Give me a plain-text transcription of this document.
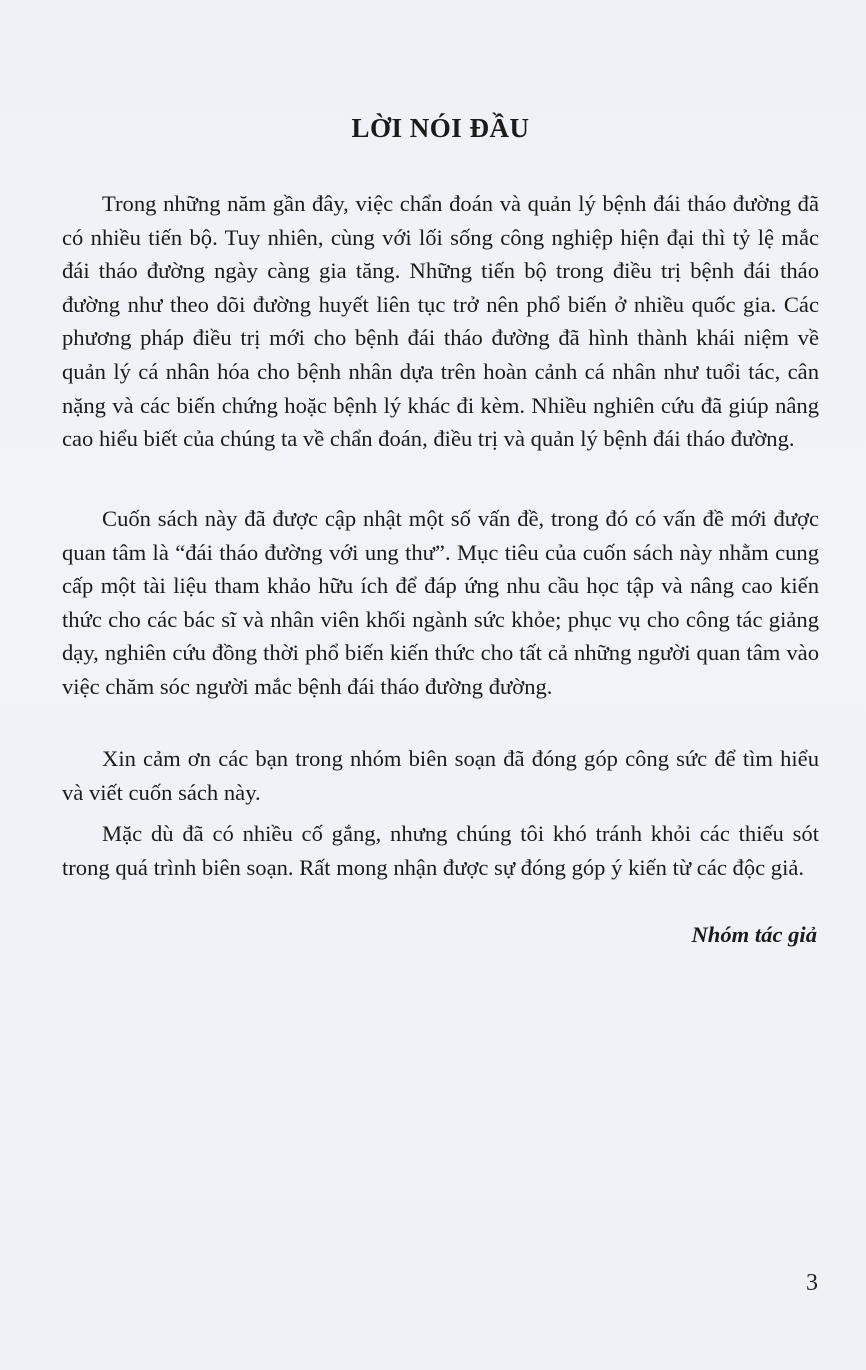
LỜI NÓI ĐẦU

Trong những năm gần đây, việc chẩn đoán và quản lý bệnh đái tháo đường đã có nhiều tiến bộ. Tuy nhiên, cùng với lối sống công nghiệp hiện đại thì tỷ lệ mắc đái tháo đường ngày càng gia tăng. Những tiến bộ trong điều trị bệnh đái tháo đường như theo dõi đường huyết liên tục trở nên phổ biến ở nhiều quốc gia. Các phương pháp điều trị mới cho bệnh đái tháo đường đã hình thành khái niệm về quản lý cá nhân hóa cho bệnh nhân dựa trên hoàn cảnh cá nhân như tuổi tác, cân nặng và các biến chứng hoặc bệnh lý khác đi kèm. Nhiều nghiên cứu đã giúp nâng cao hiểu biết của chúng ta về chẩn đoán, điều trị và quản lý bệnh đái tháo đường.

Cuốn sách này đã được cập nhật một số vấn đề, trong đó có vấn đề mới được quan tâm là “đái tháo đường với ung thư”. Mục tiêu của cuốn sách này nhằm cung cấp một tài liệu tham khảo hữu ích để đáp ứng nhu cầu học tập và nâng cao kiến thức cho các bác sĩ và nhân viên khối ngành sức khỏe; phục vụ cho công tác giảng dạy, nghiên cứu đồng thời phổ biến kiến thức cho tất cả những người quan tâm vào việc chăm sóc người mắc bệnh đái tháo đường đường.

Xin cảm ơn các bạn trong nhóm biên soạn đã đóng góp công sức để tìm hiểu và viết cuốn sách này.

Mặc dù đã có nhiều cố gắng, nhưng chúng tôi khó tránh khỏi các thiếu sót trong quá trình biên soạn. Rất mong nhận được sự đóng góp ý kiến từ các độc giả.

Nhóm tác giả

3
